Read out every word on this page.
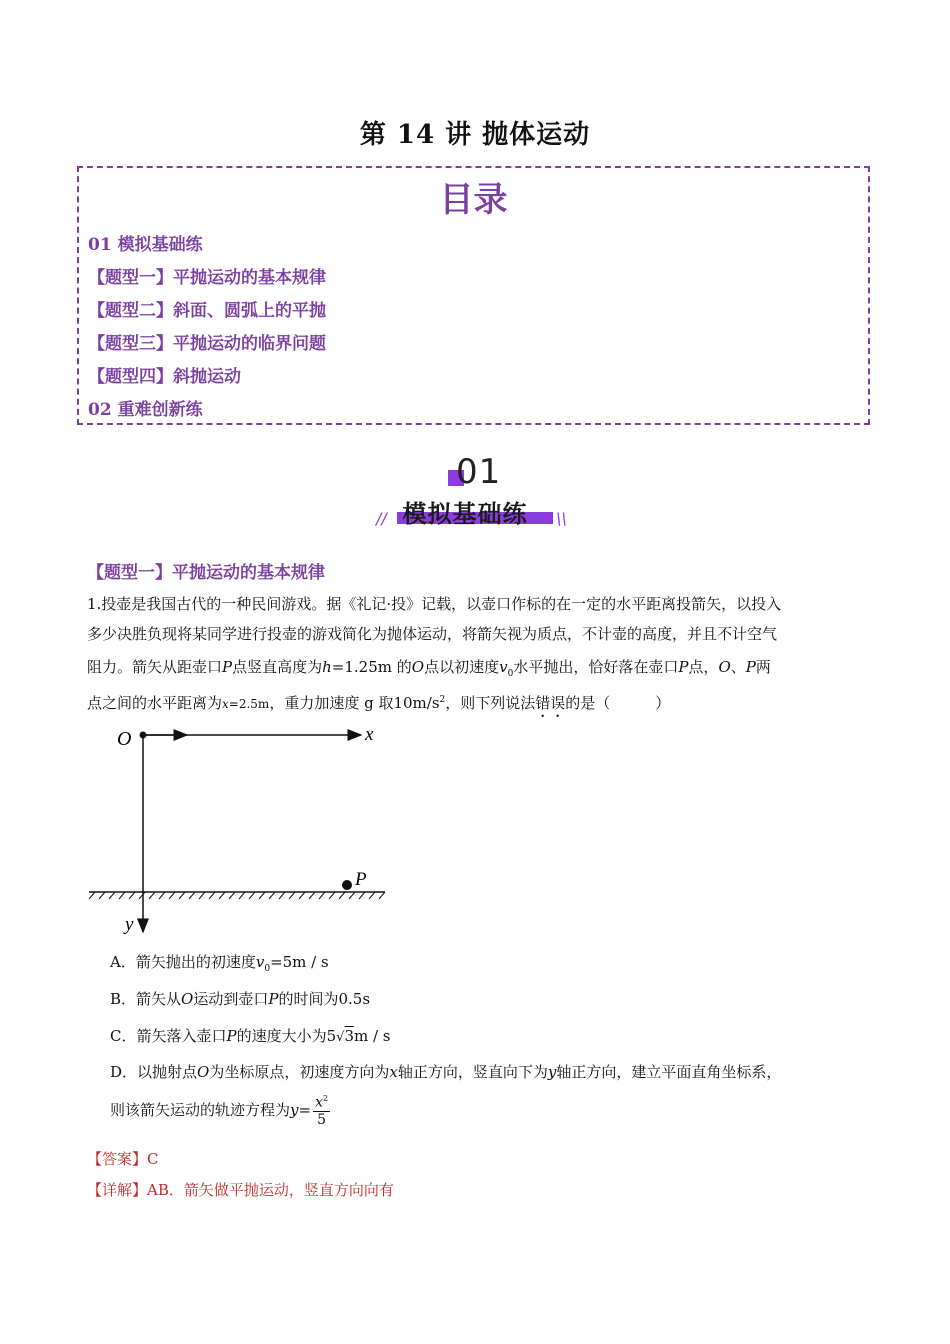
第 14 讲 抛体运动
目录
01 模拟基础练
【题型一】平抛运动的基本规律
【题型二】斜面、圆弧上的平抛
【题型三】平抛运动的临界问题
【题型四】斜抛运动
02 重难创新练
01
模拟基础练
//	\\
【题型一】平抛运动的基本规律
1.投壶是我国古代的一种民间游戏。据《礼记·投》记载，以壶口作标的在一定的水平距离投箭矢，以投入
多少决胜负现将某同学进行投壶的游戏简化为抛体运动，将箭矢视为质点，不计壶的高度，并且不计空气
阻力。箭矢从距壶口P点竖直高度为h=1.25m 的O点以初速度$v_0$水平抛出，恰好落在壶口P点，O、P两
点之间的水平距离为x=2.5m，重力加速度 g 取$10m/s^2$，则下列说法错误的是（　　　）
O	x
y
P
A．箭矢抛出的初速度$v_0=5m / s$
B．箭矢从O运动到壶口P的时间为0.5s
C．箭矢落入壶口P的速度大小为5√3m / s
D．以抛射点O为坐标原点，初速度方向为x轴正方向，竖直向下为y轴正方向，建立平面直角坐标系，
则该箭矢运动的轨迹方程为$y= \frac{x^2}{5}$
【答案】C
【详解】AB．箭矢做平抛运动，竖直方向向有
